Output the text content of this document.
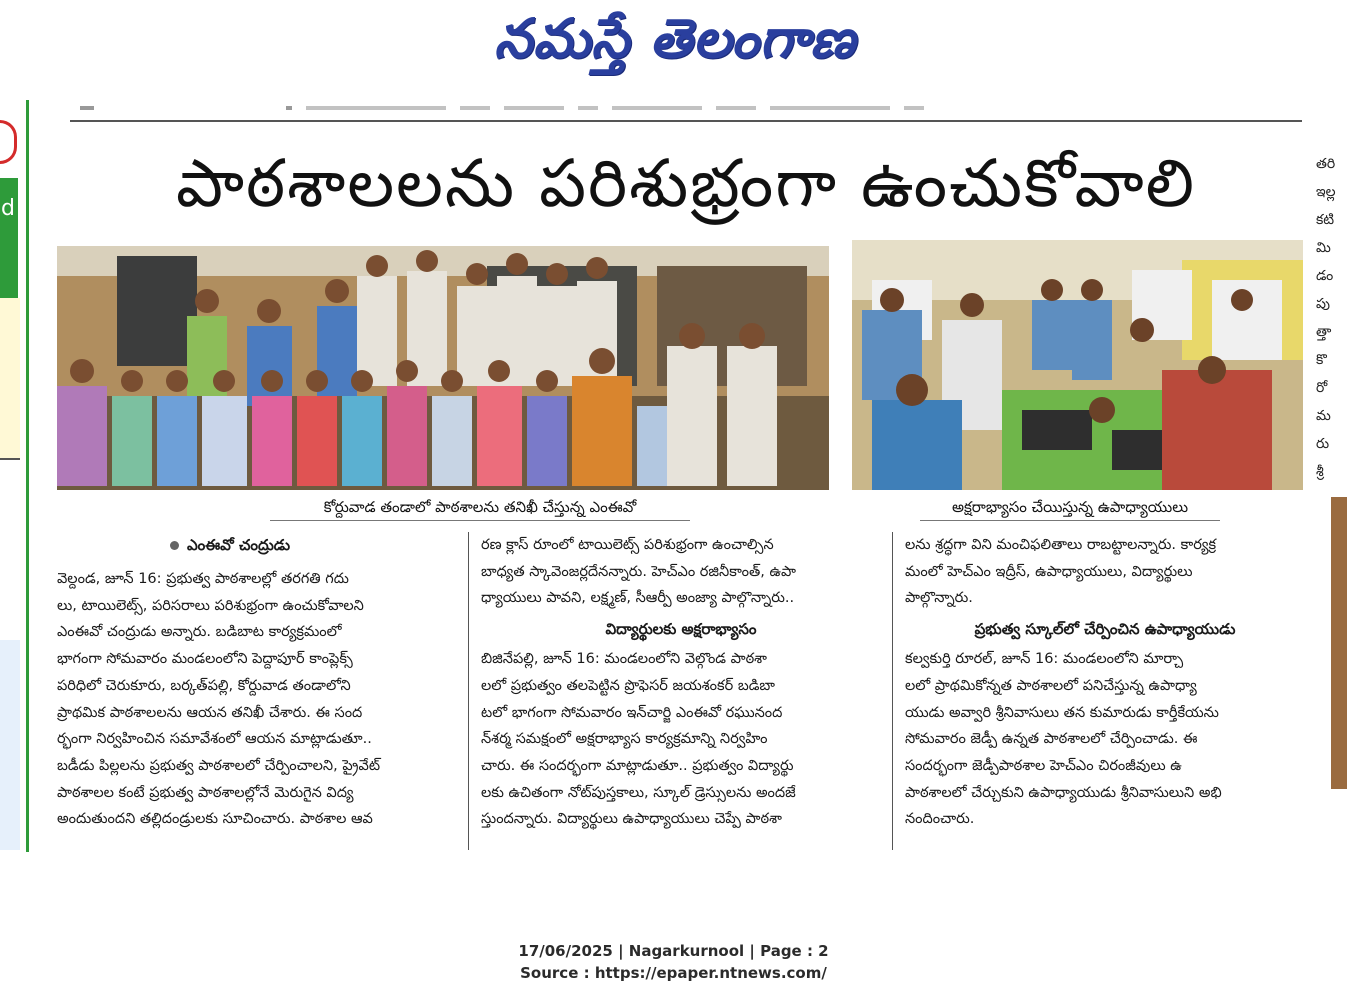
నమస్తే తెలంగాణ
d	పాఠశాలలను పరిశుభ్రంగా ఉంచుకోవాలి
కోర్దువాడ తండాలో పాఠశాలను తనిఖీ చేస్తున్న ఎంఈవో	అక్షరాభ్యాసం చేయిస్తున్న ఉపాధ్యాయులు
ఎంఈవో చంద్రుడు

వెల్దండ, జూన్ 16: ప్రభుత్వ పాఠశాలల్లో తరగతి గదు

లు, టాయిలెట్స్, పరిసరాలు పరిశుభ్రంగా ఉంచుకోవాలని

ఎంఈవో చంద్రుడు అన్నారు. బడిబాట కార్యక్రమంలో

భాగంగా సోమవారం మండలంలోని పెద్దాపూర్ కాంప్లెక్స్

పరిధిలో చెరుకూరు, బర్కత్‌పల్లి, కోర్దువాడ తండాలోని

ప్రాథమిక పాఠశాలలను ఆయన తనిఖీ చేశారు. ఈ సంద

ర్భంగా నిర్వహించిన సమావేశంలో ఆయన మాట్లాడుతూ..

బడీడు పిల్లలను ప్రభుత్వ పాఠశాలలో చేర్పించాలని, ప్రైవేట్

పాఠశాలల కంటే ప్రభుత్వ పాఠశాలల్లోనే మెరుగైన విద్య

అందుతుందని తల్లిదండ్రులకు సూచించారు. పాఠశాల ఆవ

రణ క్లాస్ రూంలో టాయిలెట్స్ పరిశుభ్రంగా ఉంచాల్సిన

బాధ్యత స్కావెంజర్లదేనన్నారు. హెచ్ఎం రజినీకాంత్, ఉపా

ధ్యాయులు పావని, లక్ష్మణ్, సీఆర్పీ అంజ్యా పాల్గొన్నారు..

విద్యార్థులకు అక్షరాభ్యాసం

బిజినేపల్లి, జూన్ 16: మండలంలోని వెల్గొండ పాఠశా

లలో ప్రభుత్వం తలపెట్టిన ప్రొఫెసర్ జయశంకర్ బడిబా

టలో భాగంగా సోమవారం ఇన్‌చార్జి ఎంఈవో రఘునంద

న్‌శర్మ సమక్షంలో అక్షరాభ్యాస కార్యక్రమాన్ని నిర్వహిం

చారు. ఈ సందర్భంగా మాట్లాడుతూ.. ప్రభుత్వం విద్యార్థు

లకు ఉచితంగా నోట్‌పుస్తకాలు, స్కూల్ డ్రెస్సులను అందజే

స్తుందన్నారు. విద్యార్థులు ఉపాధ్యాయులు చెప్పే పాఠశా

లను శ్రద్ధగా విని మంచిఫలితాలు రాబట్టాలన్నారు. కార్యక్ర

మంలో హెచ్ఎం ఇద్రీస్, ఉపాధ్యాయులు, విద్యార్థులు

పాల్గొన్నారు.

ప్రభుత్వ స్కూల్‌లో చేర్పించిన ఉపాధ్యాయుడు

కల్వకుర్తి రూరల్, జూన్ 16: మండలంలోని మార్చా

లలో ప్రాథమికోన్నత పాఠశాలలో పనిచేస్తున్న ఉపాధ్యా

యుడు అవ్వారి శ్రీనివాసులు తన కుమారుడు కార్తీకేయను

సోమవారం జెడ్పీ ఉన్నత పాఠశాలలో చేర్పించాడు. ఈ

సందర్భంగా జెడ్పీపాఠశాల హెచ్ఎం చిరంజీవులు ఉ

పాఠశాలలో చేర్చుకుని ఉపాధ్యాయుడు శ్రీనివాసులుని అభి

నందించారు.

తరి

ఇల్ల

కటి

మి

డం

పు

త్తా

కొ

రో

మ

రు

శ్రీ

17/06/2025 | Nagarkurnool | Page : 2
Source : https://epaper.ntnews.com/
